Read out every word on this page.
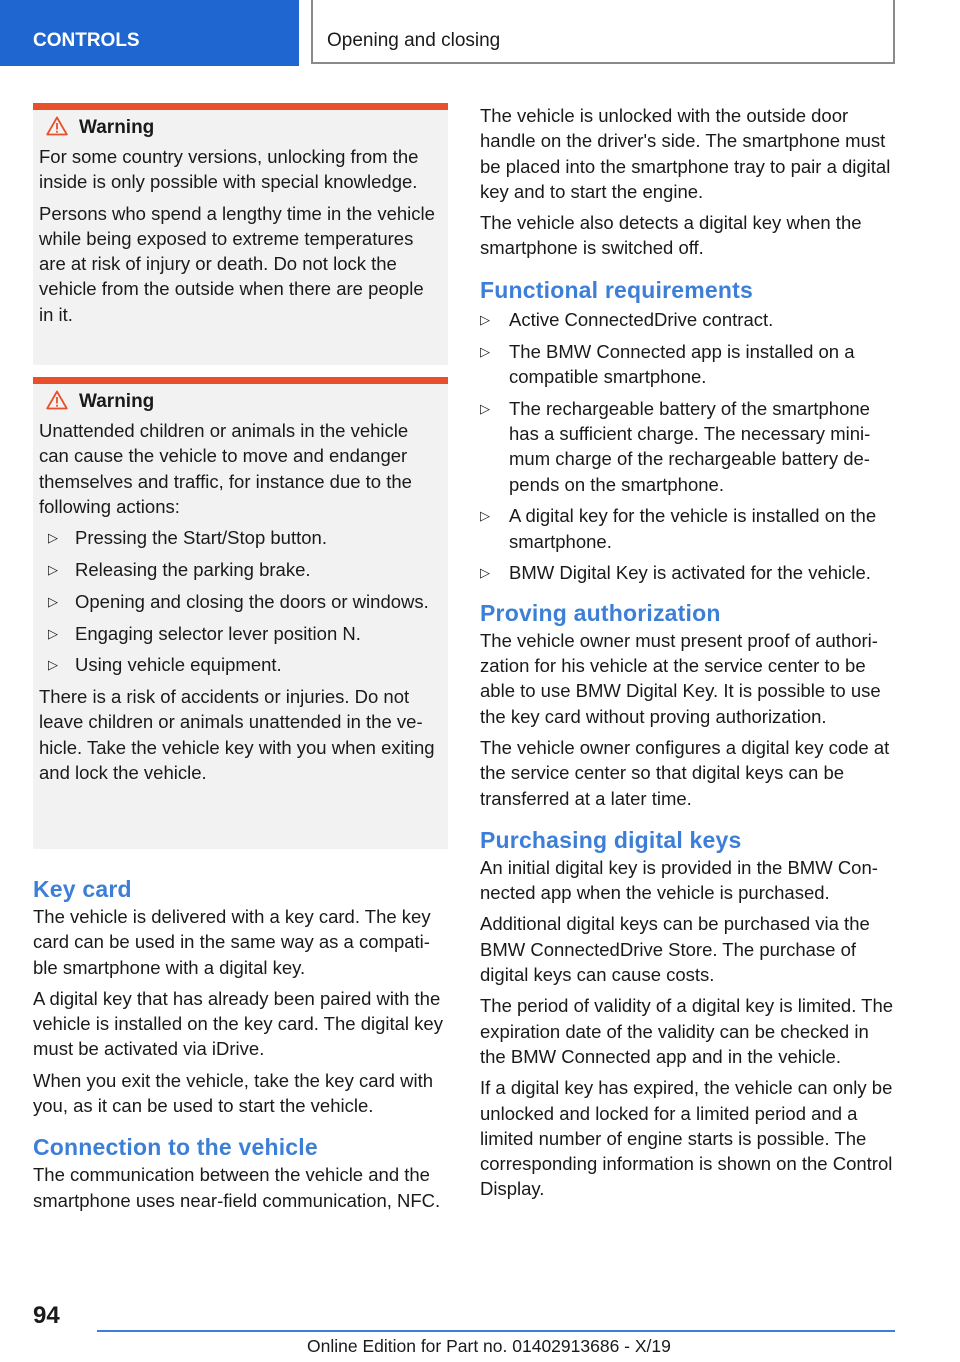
CONTROLS	Opening and closing
Warning

For some country versions, unlocking from the inside is only possible with special knowledge.

Persons who spend a lengthy time in the vehicle while being exposed to extreme temperatures are at risk of injury or death. Do not lock the vehicle from the outside when there are people in it.

Warning

Unattended children or animals in the vehicle can cause the vehicle to move and endanger themselves and traffic, for instance due to the following actions:

▷ Pressing the Start/Stop button.
▷ Releasing the parking brake.
▷ Opening and closing the doors or windows.
▷ Engaging selector lever position N.
▷ Using vehicle equipment.

There is a risk of accidents or injuries. Do not leave children or animals unattended in the vehicle. Take the vehicle key with you when exiting and lock the vehicle.

Key card

The vehicle is delivered with a key card. The key card can be used in the same way as a compatible smartphone with a digital key.

A digital key that has already been paired with the vehicle is installed on the key card. The digital key must be activated via iDrive.

When you exit the vehicle, take the key card with you, as it can be used to start the vehicle.

Connection to the vehicle

The communication between the vehicle and the smartphone uses near-field communication, NFC.

The vehicle is unlocked with the outside door handle on the driver's side. The smartphone must be placed into the smartphone tray to pair a digital key and to start the engine.

The vehicle also detects a digital key when the smartphone is switched off.

Functional requirements
▷ Active ConnectedDrive contract.
▷ The BMW Connected app is installed on a compatible smartphone.
▷ The rechargeable battery of the smartphone has a sufficient charge. The necessary minimum charge of the rechargeable battery depends on the smartphone.
▷ A digital key for the vehicle is installed on the smartphone.
▷ BMW Digital Key is activated for the vehicle.
Proving authorization

The vehicle owner must present proof of authorization for his vehicle at the service center to be able to use BMW Digital Key. It is possible to use the key card without proving authorization.

The vehicle owner configures a digital key code at the service center so that digital keys can be transferred at a later time.

Purchasing digital keys

An initial digital key is provided in the BMW Connected app when the vehicle is purchased.

Additional digital keys can be purchased via the BMW ConnectedDrive Store. The purchase of digital keys can cause costs.

The period of validity of a digital key is limited. The expiration date of the validity can be checked in the BMW Connected app and in the vehicle.

If a digital key has expired, the vehicle can only be unlocked and locked for a limited period and a limited number of engine starts is possible. The corresponding information is shown on the Control Display.

94
Online Edition for Part no. 01402913686 - X/19
